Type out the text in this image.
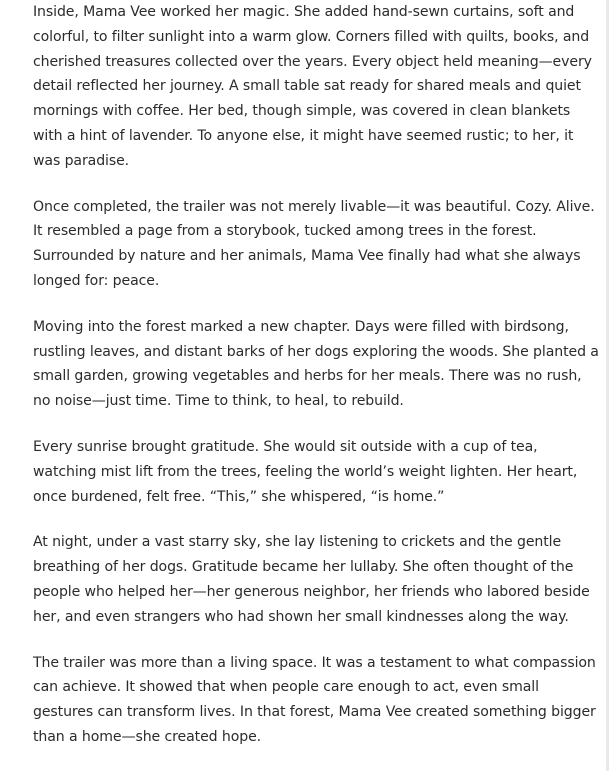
Inside, Mama Vee worked her magic. She added hand-sewn curtains, soft and
colorful, to filter sunlight into a warm glow. Corners filled with quilts, books, and
cherished treasures collected over the years. Every object held meaning—every
detail reflected her journey. A small table sat ready for shared meals and quiet
mornings with coffee. Her bed, though simple, was covered in clean blankets
with a hint of lavender. To anyone else, it might have seemed rustic; to her, it
was paradise.

Once completed, the trailer was not merely livable—it was beautiful. Cozy. Alive.
It resembled a page from a storybook, tucked among trees in the forest.
Surrounded by nature and her animals, Mama Vee finally had what she always
longed for: peace.

Moving into the forest marked a new chapter. Days were filled with birdsong,
rustling leaves, and distant barks of her dogs exploring the woods. She planted a
small garden, growing vegetables and herbs for her meals. There was no rush,
no noise—just time. Time to think, to heal, to rebuild.

Every sunrise brought gratitude. She would sit outside with a cup of tea,
watching mist lift from the trees, feeling the world’s weight lighten. Her heart,
once burdened, felt free. “This,” she whispered, “is home.”

At night, under a vast starry sky, she lay listening to crickets and the gentle
breathing of her dogs. Gratitude became her lullaby. She often thought of the
people who helped her—her generous neighbor, her friends who labored beside
her, and even strangers who had shown her small kindnesses along the way.

The trailer was more than a living space. It was a testament to what compassion
can achieve. It showed that when people care enough to act, even small
gestures can transform lives. In that forest, Mama Vee created something bigger
than a home—she created hope.
